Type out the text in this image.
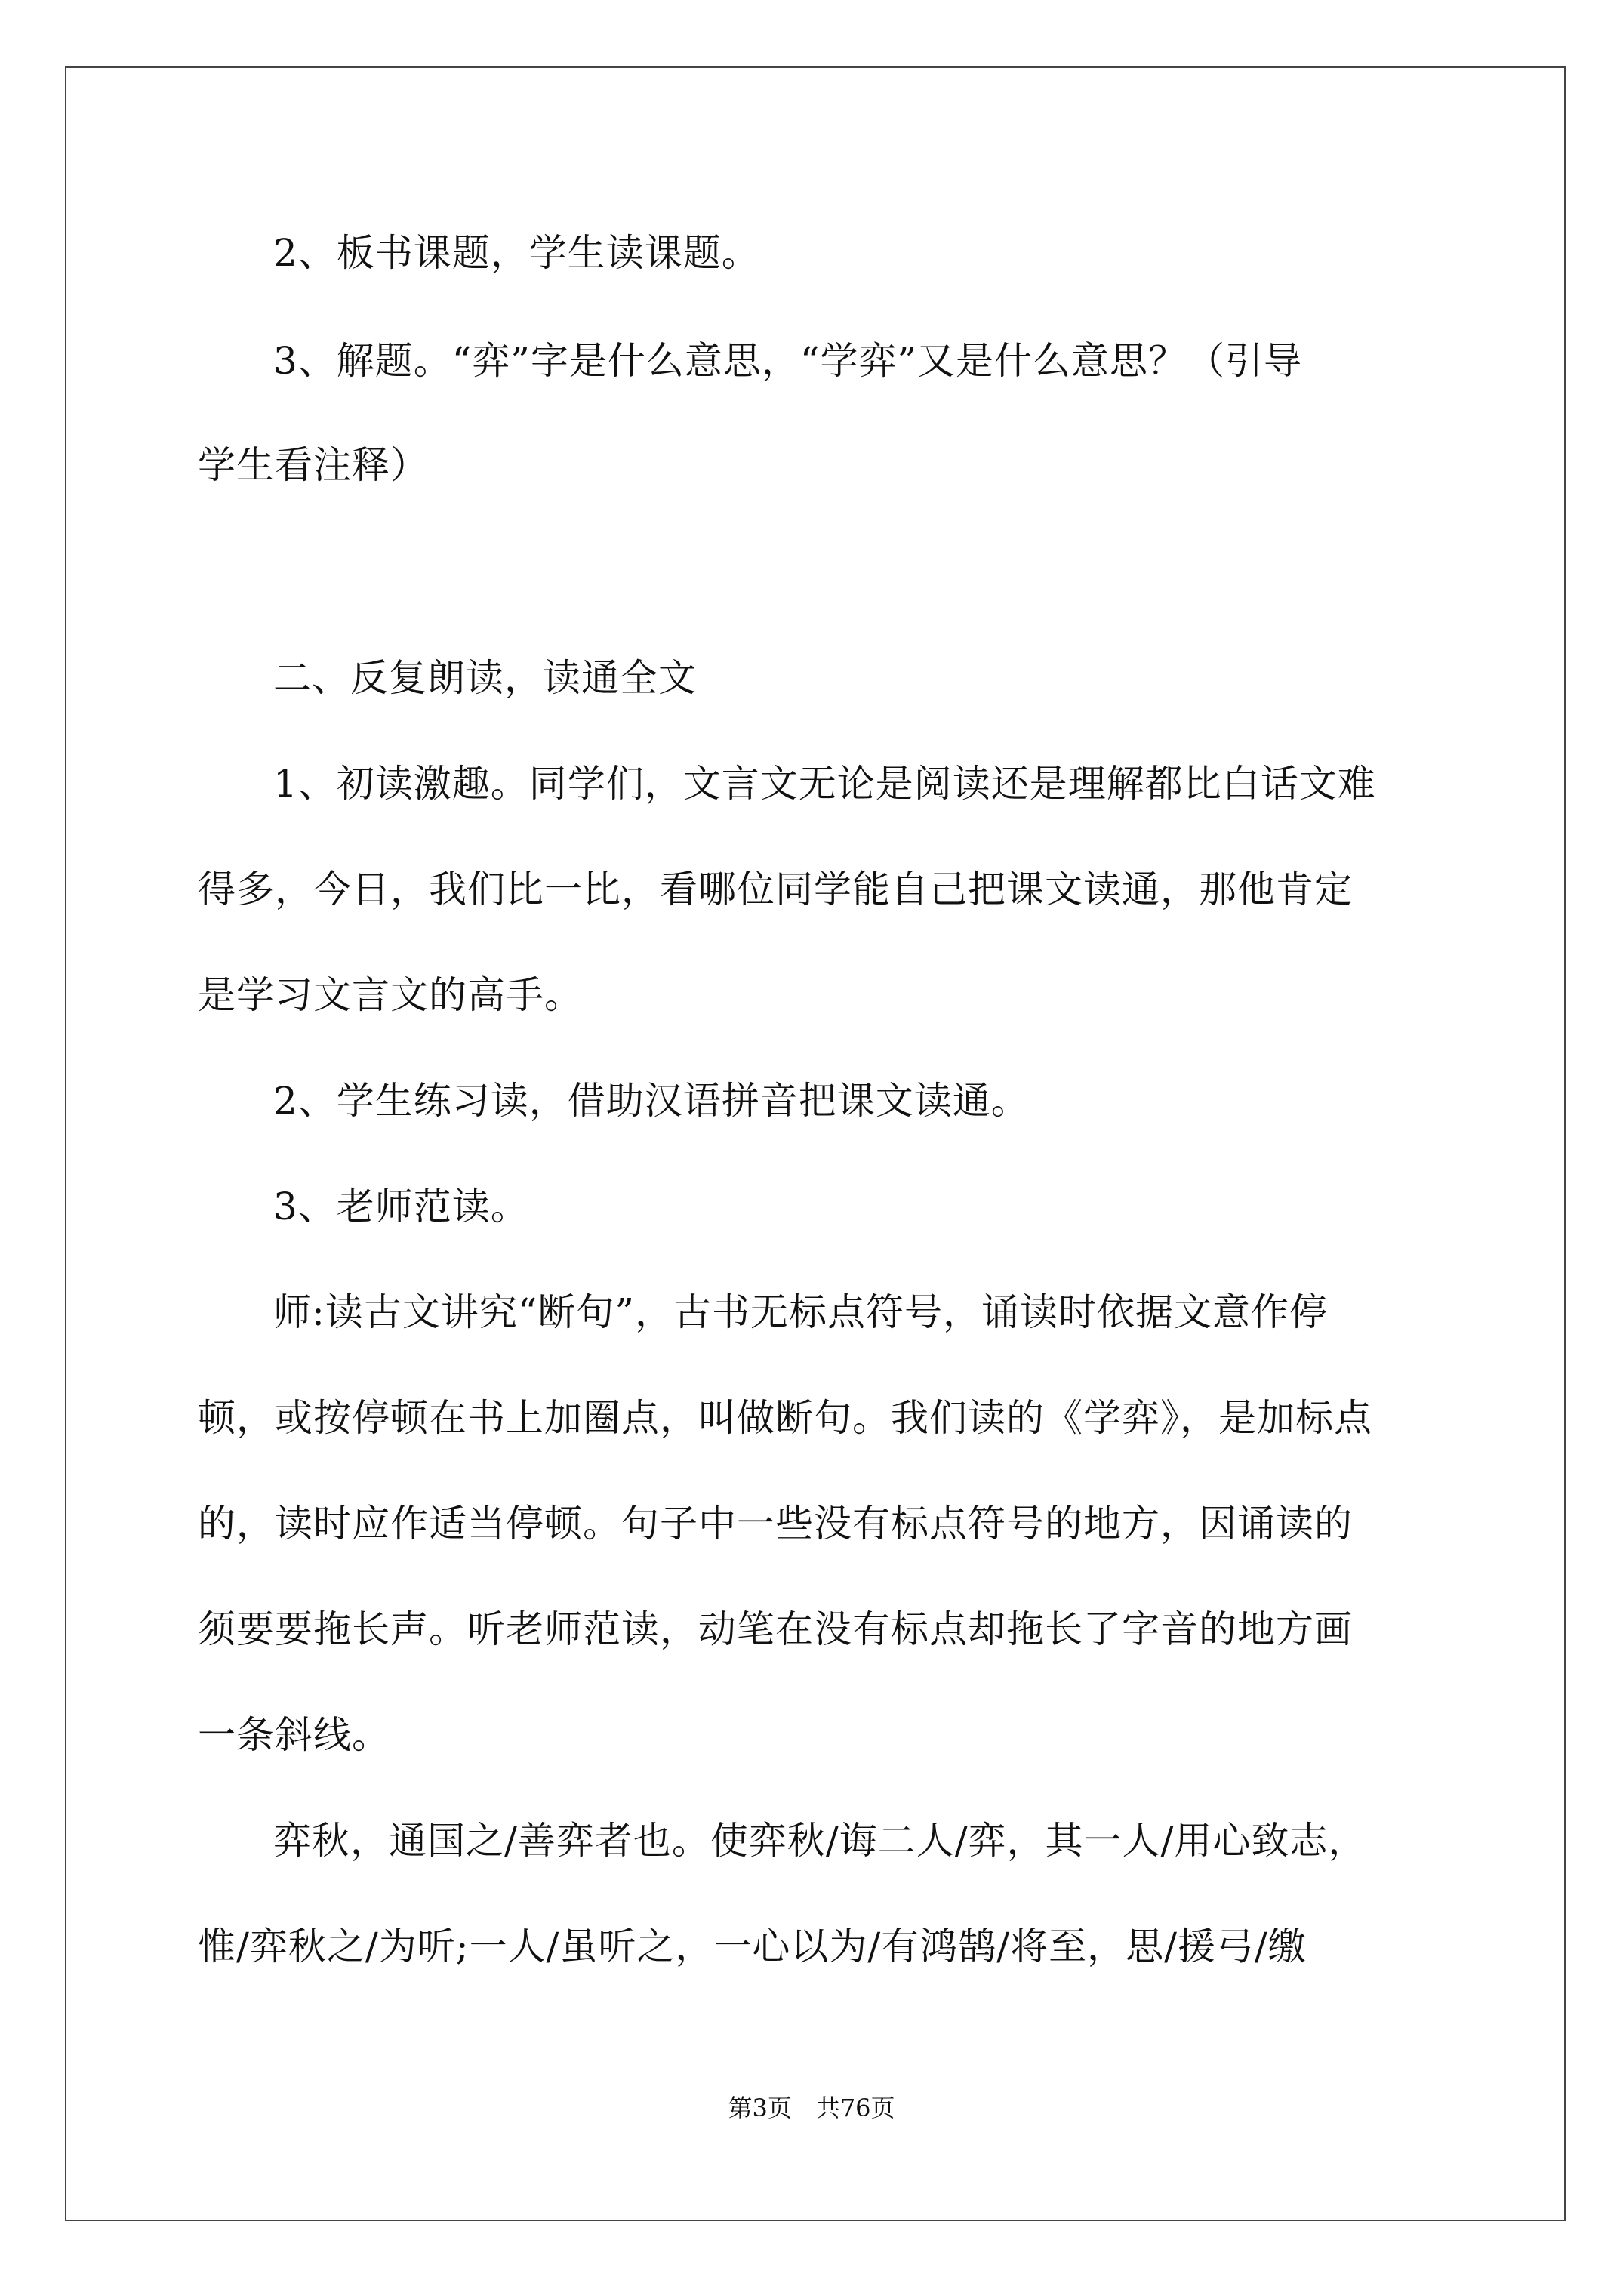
2、板书课题，学生读课题。
3、解题。“弈”字是什么意思，“学弈”又是什么意思？（引导
学生看注释）
二、反复朗读，读通全文
1、初读激趣。同学们，文言文无论是阅读还是理解都比白话文难
得多，今日，我们比一比，看哪位同学能自己把课文读通，那他肯定
是学习文言文的高手。
2、学生练习读，借助汉语拼音把课文读通。
3、老师范读。
师:读古文讲究“断句”，古书无标点符号，诵读时依据文意作停
顿，或按停顿在书上加圈点，叫做断句。我们读的《学弈》，是加标点
的，读时应作适当停顿。句子中一些没有标点符号的地方，因诵读的
须要要拖长声。听老师范读，动笔在没有标点却拖长了字音的地方画
一条斜线。
弈秋，通国之/善弈者也。使弈秋/诲二人/弈，其一人/用心致志，
惟/弈秋之/为听;一人/虽听之，一心以为/有鸿鹄/将至，思/援弓/缴
第3页　共76页
